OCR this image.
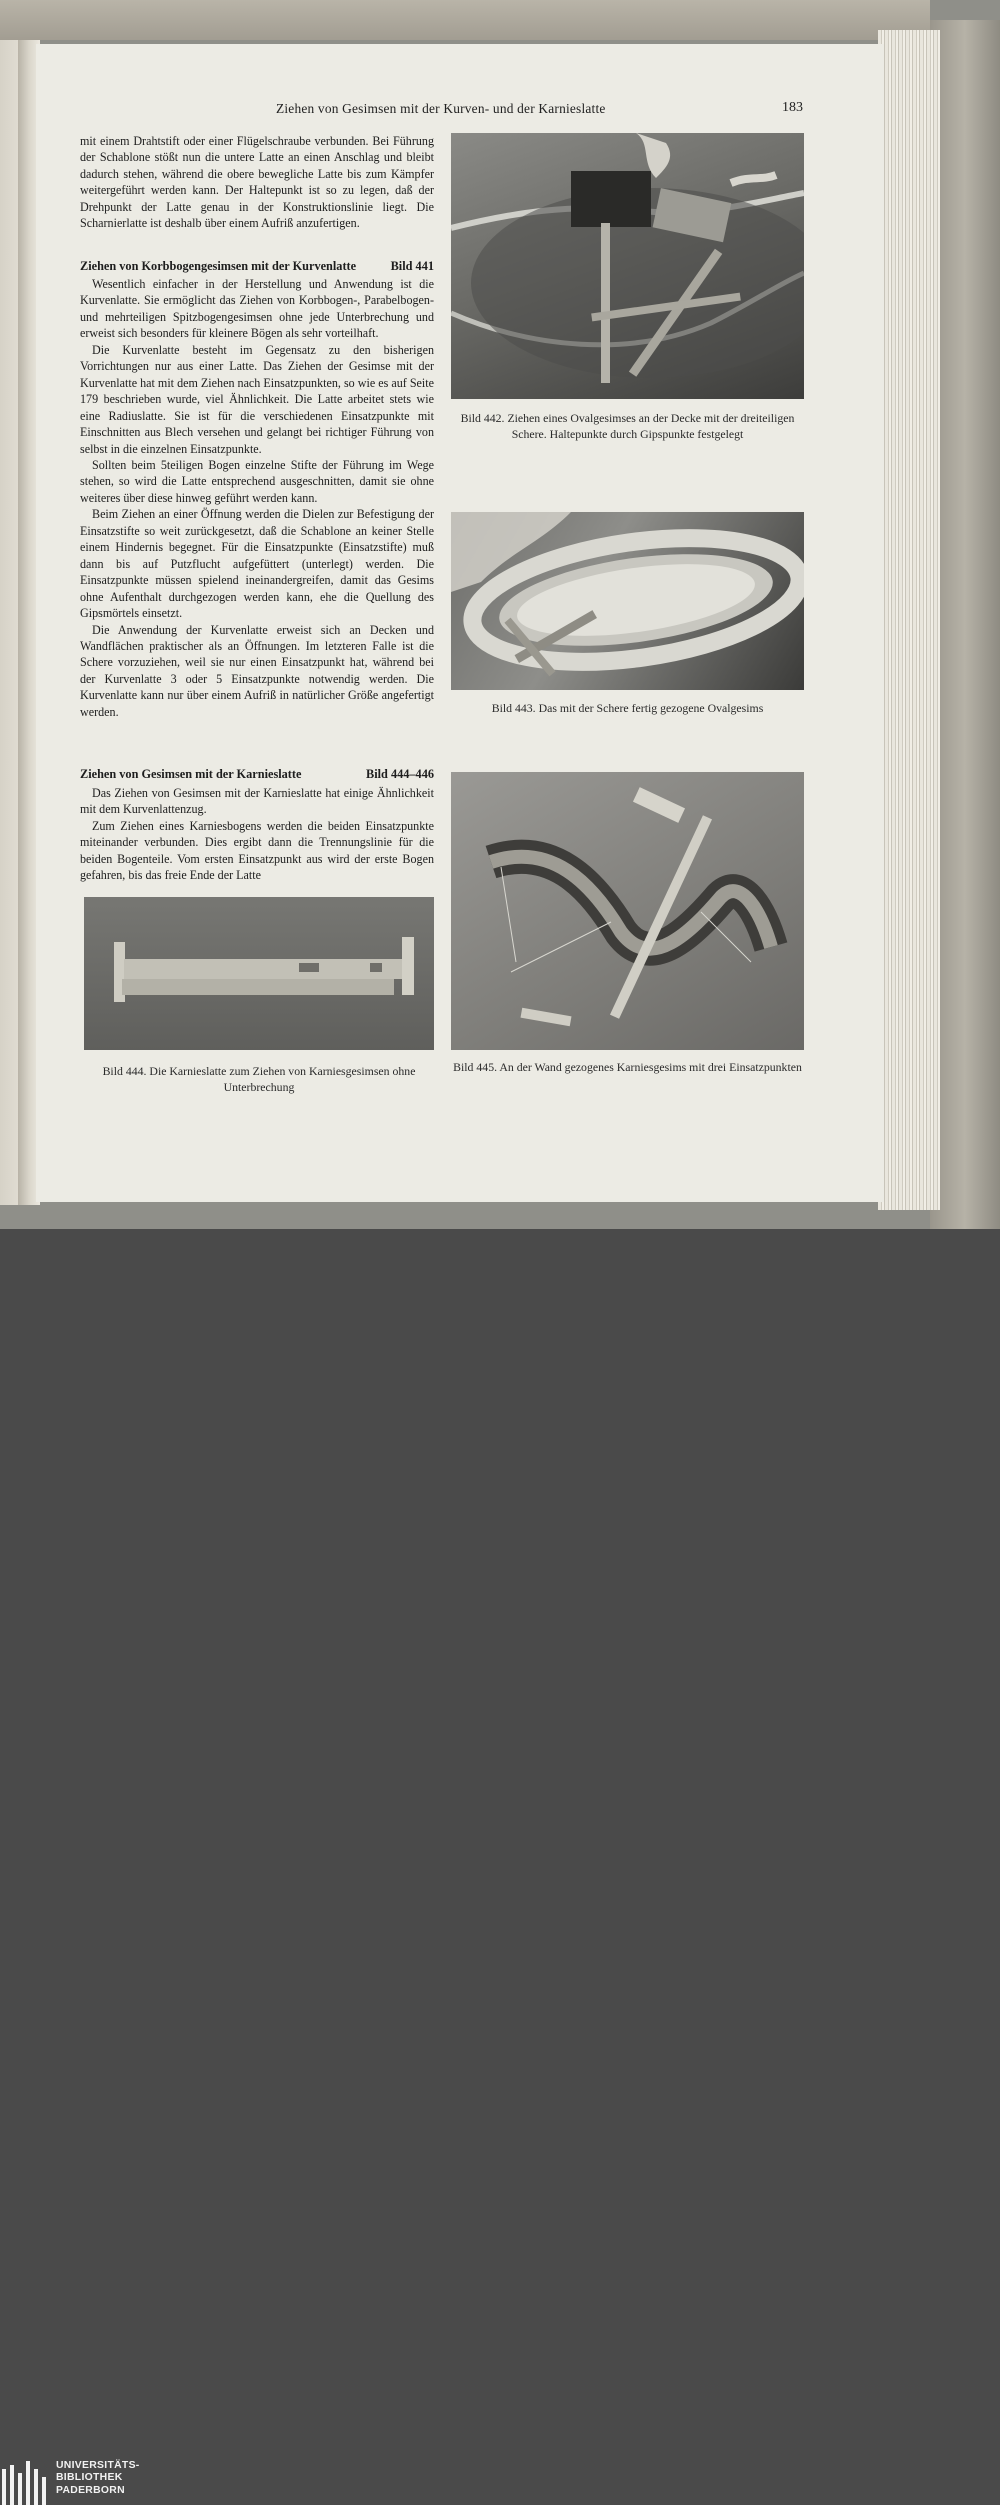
Ziehen von Gesimsen mit der Kurven- und der Karnieslatte	183

mit einem Drahtstift oder einer Flügelschraube verbunden. Bei Führung der Schablone stößt nun die untere Latte an einen Anschlag und bleibt dadurch stehen, während die obere bewegliche Latte bis zum Kämpfer weitergeführt werden kann. Der Haltepunkt ist so zu legen, daß der Drehpunkt der Latte genau in der Konstruktionslinie liegt. Die Scharnierlatte ist deshalb über einem Aufriß anzufertigen.

Ziehen von Korbbogengesimsen mit der Kurvenlatte	Bild 441

Wesentlich einfacher in der Herstellung und Anwendung ist die Kurvenlatte. Sie ermöglicht das Ziehen von Korbbogen-, Parabelbogen- und mehrteiligen Spitzbogengesimsen ohne jede Unterbrechung und erweist sich besonders für kleinere Bögen als sehr vorteilhaft.

Die Kurvenlatte besteht im Gegensatz zu den bisherigen Vorrichtungen nur aus einer Latte. Das Ziehen der Gesimse mit der Kurvenlatte hat mit dem Ziehen nach Einsatzpunkten, so wie es auf Seite 179 beschrieben wurde, viel Ähnlichkeit. Die Latte arbeitet stets wie eine Radiuslatte. Sie ist für die verschiedenen Einsatzpunkte mit Einschnitten aus Blech versehen und gelangt bei richtiger Führung von selbst in die einzelnen Einsatzpunkte.

Sollten beim 5teiligen Bogen einzelne Stifte der Führung im Wege stehen, so wird die Latte entsprechend ausgeschnitten, damit sie ohne weiteres über diese hinweg geführt werden kann.

Beim Ziehen an einer Öffnung werden die Dielen zur Befestigung der Einsatzstifte so weit zurückgesetzt, daß die Schablone an keiner Stelle einem Hindernis begegnet. Für die Einsatzpunkte (Einsatzstifte) muß dann bis auf Putzflucht aufgefüttert (unterlegt) werden. Die Einsatzpunkte müssen spielend ineinandergreifen, damit das Gesims ohne Aufenthalt durchgezogen werden kann, ehe die Quellung des Gipsmörtels einsetzt.

Die Anwendung der Kurvenlatte erweist sich an Decken und Wandflächen praktischer als an Öffnungen. Im letzteren Falle ist die Schere vorzuziehen, weil sie nur einen Einsatzpunkt hat, während bei der Kurvenlatte 3 oder 5 Einsatzpunkte notwendig werden. Die Kurvenlatte kann nur über einem Aufriß in natürlicher Größe angefertigt werden.

Ziehen von Gesimsen mit der Karnieslatte	Bild 444–446

Das Ziehen von Gesimsen mit der Karnieslatte hat einige Ähnlichkeit mit dem Kurvenlattenzug.

Zum Ziehen eines Karniesbogens werden die beiden Einsatzpunkte miteinander verbunden. Dies ergibt dann die Trennungslinie für die beiden Bogenteile. Vom ersten Einsatzpunkt aus wird der erste Bogen gefahren, bis das freie Ende der Latte

Bild 442. Ziehen eines Ovalgesimses an der Decke mit der dreiteiligen Schere. Haltepunkte durch Gipspunkte festgelegt
Bild 443. Das mit der Schere fertig gezogene Ovalgesims
Bild 444. Die Karnieslatte zum Ziehen von Karniesgesimsen ohne Unterbrechung
Bild 445. An der Wand gezogenes Karniesgesims mit drei Einsatzpunkten
UNIVERSITÄTS-
BIBLIOTHEK
PADERBORN
